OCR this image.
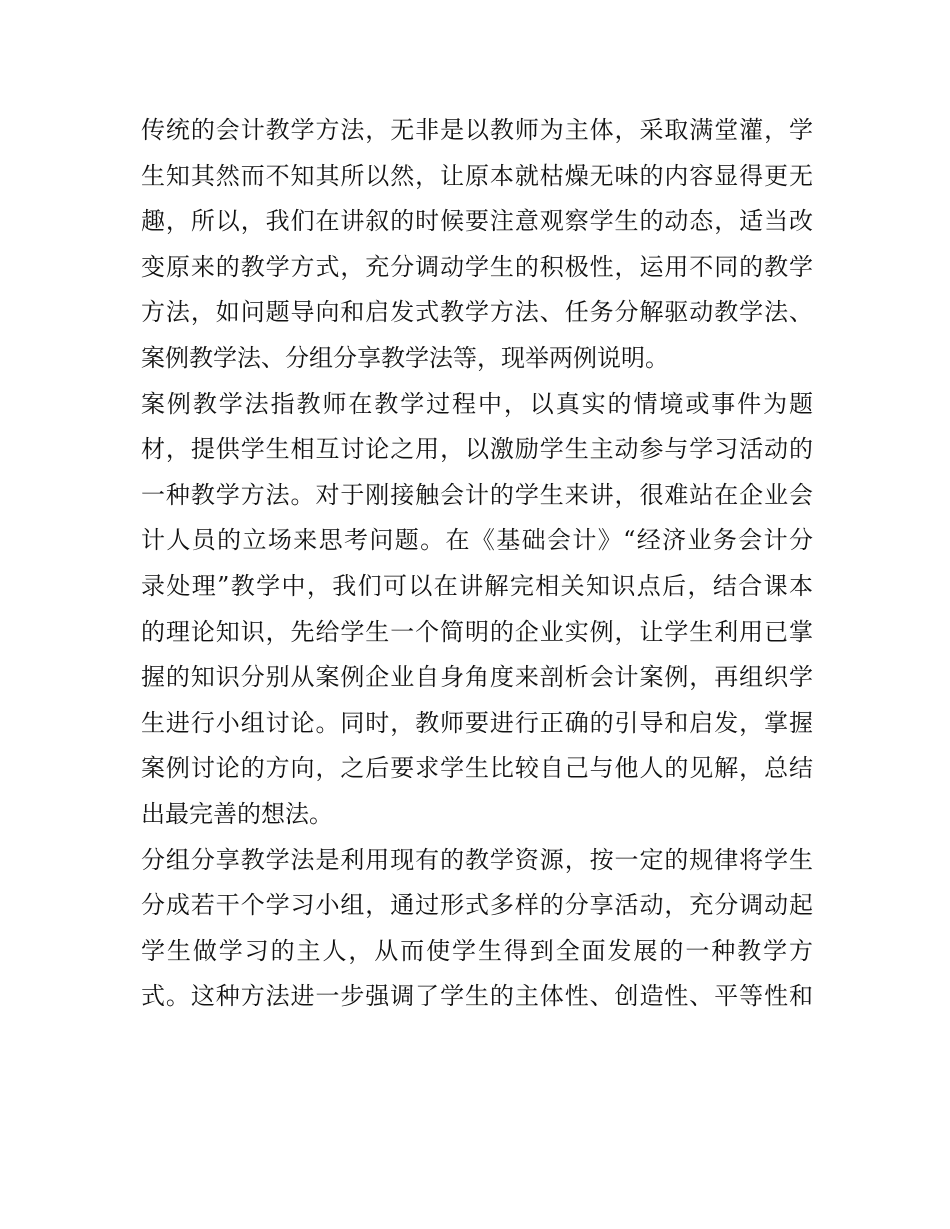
传统的会计教学方法，无非是以教师为主体，采取满堂灌，学
生知其然而不知其所以然，让原本就枯燥无味的内容显得更无
趣，所以，我们在讲叙的时候要注意观察学生的动态，适当改
变原来的教学方式，充分调动学生的积极性，运用不同的教学
方法，如问题导向和启发式教学方法、任务分解驱动教学法、
案例教学法、分组分享教学法等，现举两例说明。
案例教学法指教师在教学过程中，以真实的情境或事件为题
材，提供学生相互讨论之用，以激励学生主动参与学习活动的
一种教学方法。对于刚接触会计的学生来讲，很难站在企业会
计人员的立场来思考问题。在《基础会计》“经济业务会计分
录处理”教学中，我们可以在讲解完相关知识点后，结合课本
的理论知识，先给学生一个简明的企业实例，让学生利用已掌
握的知识分别从案例企业自身角度来剖析会计案例，再组织学
生进行小组讨论。同时，教师要进行正确的引导和启发，掌握
案例讨论的方向，之后要求学生比较自己与他人的见解，总结
出最完善的想法。
分组分享教学法是利用现有的教学资源，按一定的规律将学生
分成若干个学习小组，通过形式多样的分享活动，充分调动起
学生做学习的主人，从而使学生得到全面发展的一种教学方
式。这种方法进一步强调了学生的主体性、创造性、平等性和
